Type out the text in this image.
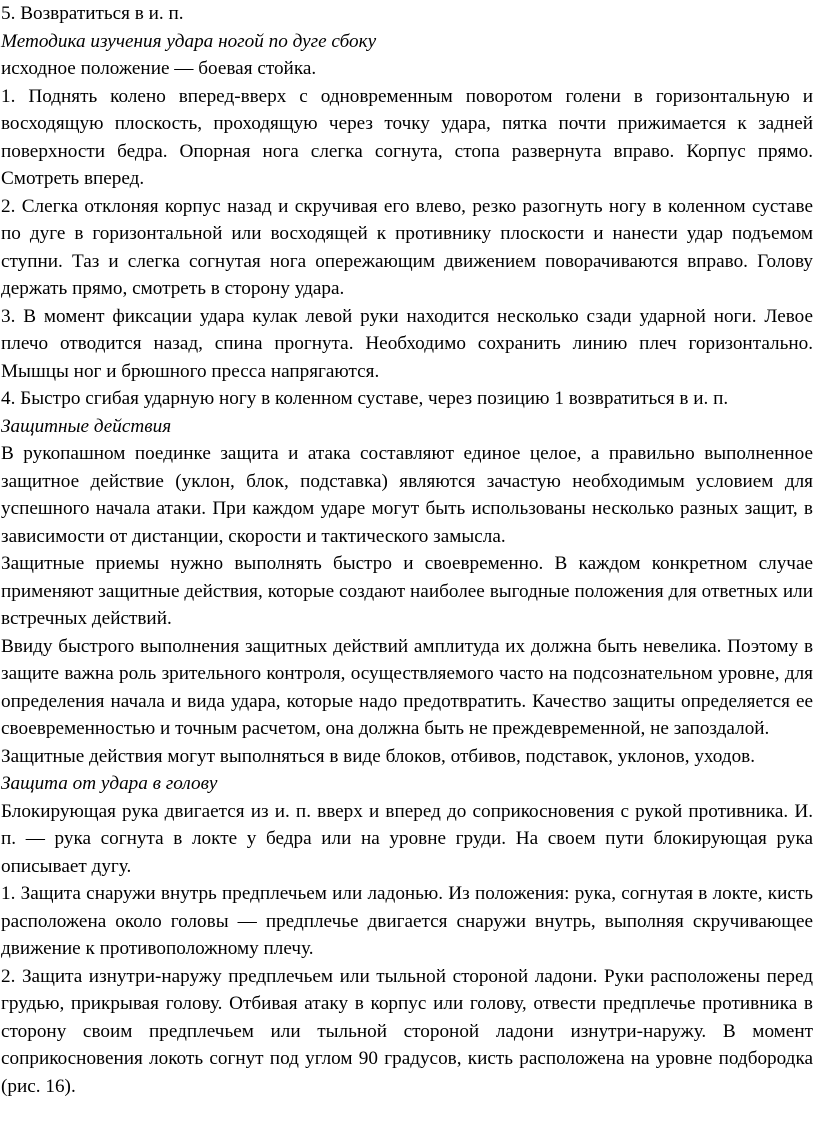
5. Возвратиться в и. п.

Методика изучения удара ногой по дуге сбоку

исходное положение — боевая стойка.

1. Поднять колено вперед-вверх с одновременным поворотом голени в горизонтальную и восходящую плоскость, проходящую через точку удара, пятка почти прижимается к задней поверхности бедра. Опорная нога слегка согнута, стопа развернута вправо. Корпус прямо. Смотреть вперед.

2. Слегка отклоняя корпус назад и скручивая его влево, резко разогнуть ногу в коленном суставе по дуге в горизонтальной или восходящей к противнику плоскости и нанести удар подъемом ступни. Таз и слегка согнутая нога опережающим движением поворачиваются вправо. Голову держать прямо, смотреть в сторону удара.

3. В момент фиксации удара кулак левой руки находится несколько сзади ударной ноги. Левое плечо отводится назад, спина прогнута. Необходимо сохранить линию плеч горизонтально. Мышцы ног и брюшного пресса напрягаются.

4. Быстро сгибая ударную ногу в коленном суставе, через позицию 1 возвратиться в и. п.

Защитные действия

В рукопашном поединке защита и атака составляют единое целое, а правильно выполненное защитное действие (уклон, блок, подставка) являются зачастую необходимым условием для успешного начала атаки. При каждом ударе могут быть использованы несколько разных защит, в зависимости от дистанции, скорости и тактического замысла.

Защитные приемы нужно выполнять быстро и своевременно. В каждом конкретном случае применяют защитные действия, которые создают наиболее выгодные положения для ответных или встречных действий.

Ввиду быстрого выполнения защитных действий амплитуда их должна быть невелика. Поэтому в защите важна роль зрительного контроля, осуществляемого часто на подсознательном уровне, для определения начала и вида удара, которые надо предотвратить. Качество защиты определяется ее своевременностью и точным расчетом, она должна быть не преждевременной, не запоздалой.

Защитные действия могут выполняться в виде блоков, отбивов, подставок, уклонов, уходов.

Защита от удара в голову

Блокирующая рука двигается из и. п. вверх и вперед до соприкосновения с рукой противника. И. п. — рука согнута в локте у бедра или на уровне груди. На своем пути блокирующая рука описывает дугу.

1. Защита снаружи внутрь предплечьем или ладонью. Из положения: рука, согнутая в локте, кисть расположена около головы — предплечье двигается снаружи внутрь, выполняя скручивающее движение к противоположному плечу.

2. Защита изнутри-наружу предплечьем или тыльной стороной ладони. Руки расположены перед грудью, прикрывая голову. Отбивая атаку в корпус или голову, отвести предплечье противника в сторону своим предплечьем или тыльной стороной ладони изнутри-наружу. В момент соприкосновения локоть согнут под углом 90 градусов, кисть расположена на уровне подбородка (рис. 16).
